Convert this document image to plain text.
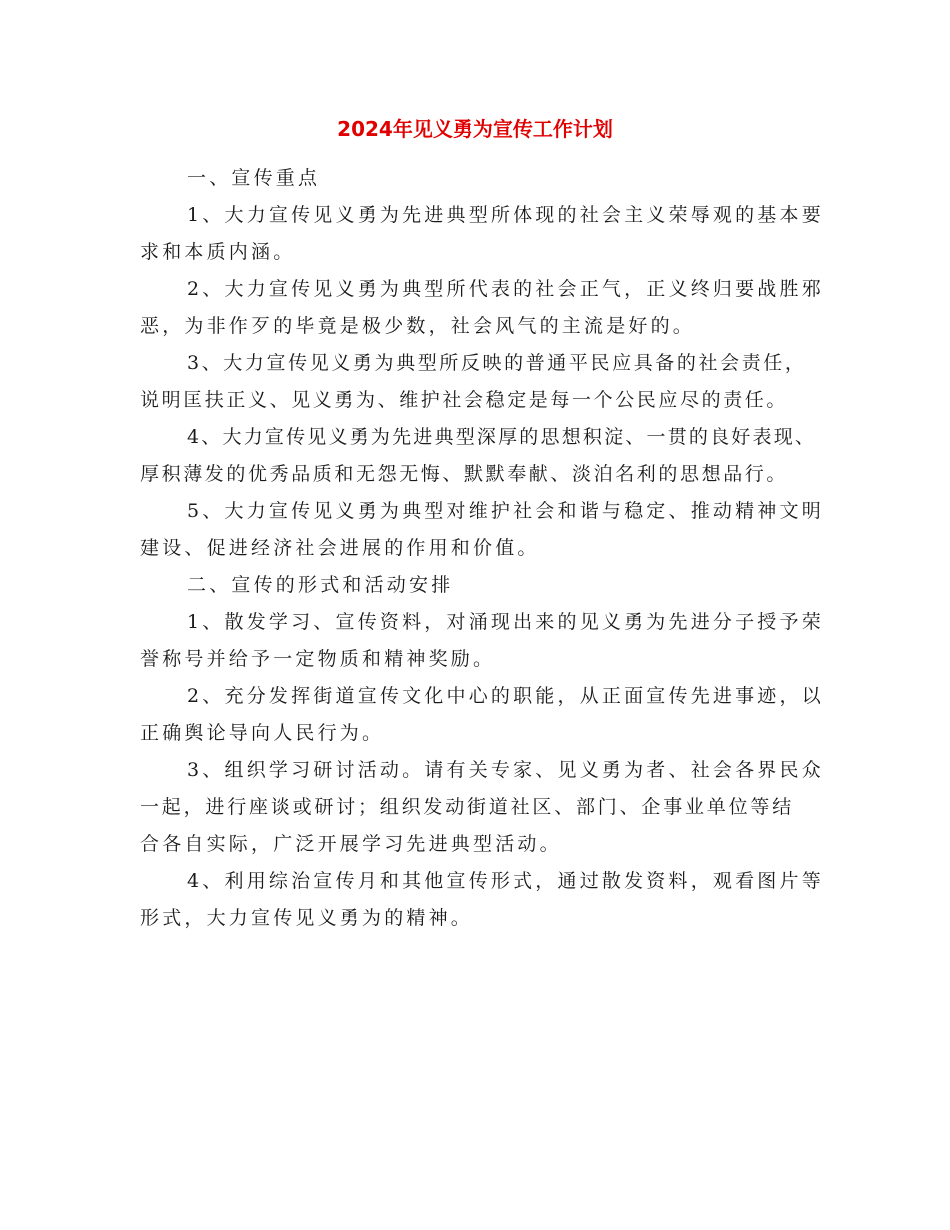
2024年见义勇为宣传工作计划
一、宣传重点
1、大力宣传见义勇为先进典型所体现的社会主义荣辱观的基本要
求和本质内涵。
2、大力宣传见义勇为典型所代表的社会正气，正义终归要战胜邪
恶，为非作歹的毕竟是极少数，社会风气的主流是好的。
3、大力宣传见义勇为典型所反映的普通平民应具备的社会责任，
说明匡扶正义、见义勇为、维护社会稳定是每一个公民应尽的责任。
4、大力宣传见义勇为先进典型深厚的思想积淀、一贯的良好表现、
厚积薄发的优秀品质和无怨无悔、默默奉献、淡泊名利的思想品行。
5、大力宣传见义勇为典型对维护社会和谐与稳定、推动精神文明
建设、促进经济社会进展的作用和价值。
二、宣传的形式和活动安排
1、散发学习、宣传资料，对涌现出来的见义勇为先进分子授予荣
誉称号并给予一定物质和精神奖励。
2、充分发挥街道宣传文化中心的职能，从正面宣传先进事迹，以
正确舆论导向人民行为。
3、组织学习研讨活动。请有关专家、见义勇为者、社会各界民众
一起，进行座谈或研讨；组织发动街道社区、部门、企事业单位等结
合各自实际，广泛开展学习先进典型活动。
4、利用综治宣传月和其他宣传形式，通过散发资料，观看图片等
形式，大力宣传见义勇为的精神。
